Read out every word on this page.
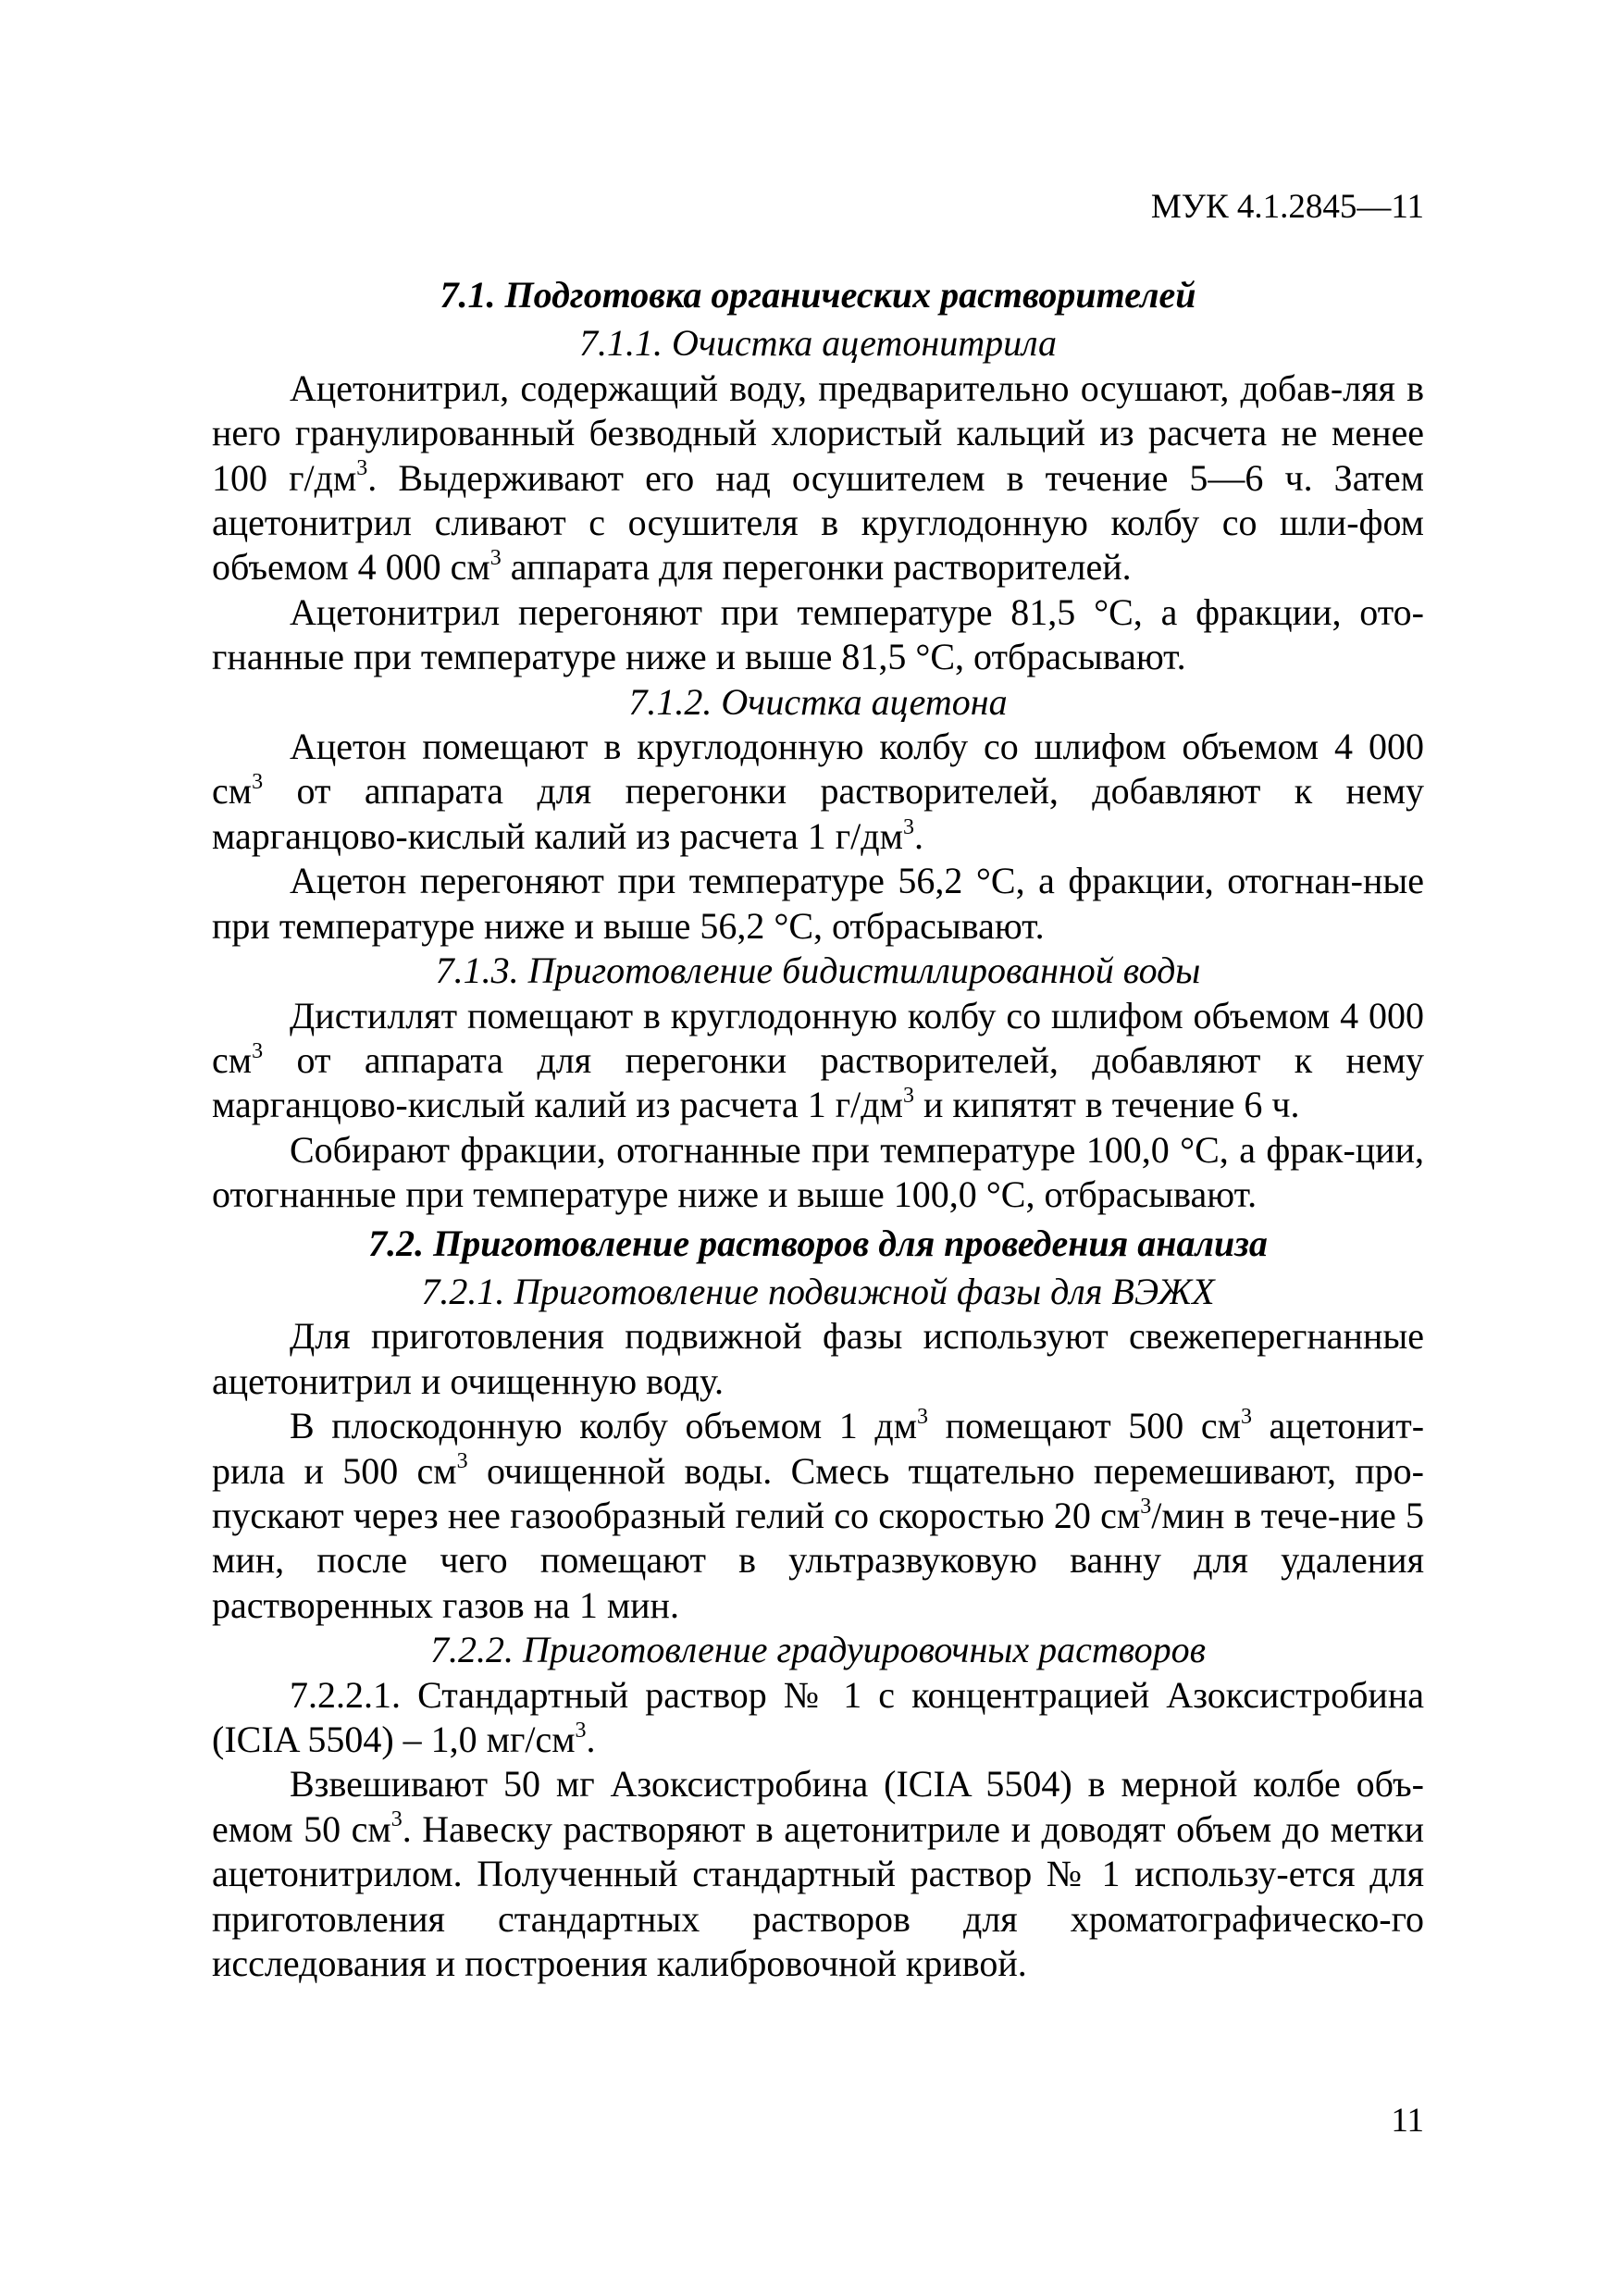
МУК 4.1.2845—11
7.1. Подготовка органических растворителей
7.1.1. Очистка ацетонитрила

Ацетонитрил, содержащий воду, предварительно осушают, добав-ляя в него гранулированный безводный хлористый кальций из расчета не менее 100 $г/дм^3$. Выдерживают его над осушителем в течение 5—6 ч. Затем ацетонитрил сливают с осушителя в круглодонную колбу со шли-фом объемом 4 000 $см^3$ аппарата для перегонки растворителей.

Ацетонитрил перегоняют при температуре 81,5 °C, а фракции, ото-гнанные при температуре ниже и выше 81,5 °C, отбрасывают.

7.1.2. Очистка ацетона

Ацетон помещают в круглодонную колбу со шлифом объемом 4 000 $см^3$ от аппарата для перегонки растворителей, добавляют к нему марганцово-кислый калий из расчета 1 $г/дм^3$.

Ацетон перегоняют при температуре 56,2 °C, а фракции, отогнан-ные при температуре ниже и выше 56,2 °C, отбрасывают.

7.1.3. Приготовление бидистиллированной воды

Дистиллят помещают в круглодонную колбу со шлифом объемом 4 000 $см^3$ от аппарата для перегонки растворителей, добавляют к нему марганцово-кислый калий из расчета 1 $г/дм^3$ и кипятят в течение 6 ч.

Собирают фракции, отогнанные при температуре 100,0 °C, а фрак-ции, отогнанные при температуре ниже и выше 100,0 °C, отбрасывают.

7.2. Приготовление растворов для проведения анализа
7.2.1. Приготовление подвижной фазы для ВЭЖХ

Для приготовления подвижной фазы используют свежеперегнанные ацетонитрил и очищенную воду.

В плоскодонную колбу объемом 1 $дм^3$ помещают 500 $см^3$ ацетонит-рила и 500 $см^3$ очищенной воды. Смесь тщательно перемешивают, про-пускают через нее газообразный гелий со скоростью 20 $см^3$/мин в тече-ние 5 мин, после чего помещают в ультразвуковую ванну для удаления растворенных газов на 1 мин.

7.2.2. Приготовление градуировочных растворов

7.2.2.1. Стандартный раствор № 1 с концентрацией Азоксистробина (ICIA 5504) – 1,0 $мг/см^3$.

Взвешивают 50 мг Азоксистробина (ICIA 5504) в мерной колбе объ-емом 50 $см^3$. Навеску растворяют в ацетонитриле и доводят объем до метки ацетонитрилом. Полученный стандартный раствор № 1 использу-ется для приготовления стандартных растворов для хроматографическо-го исследования и построения калибровочной кривой.

11
